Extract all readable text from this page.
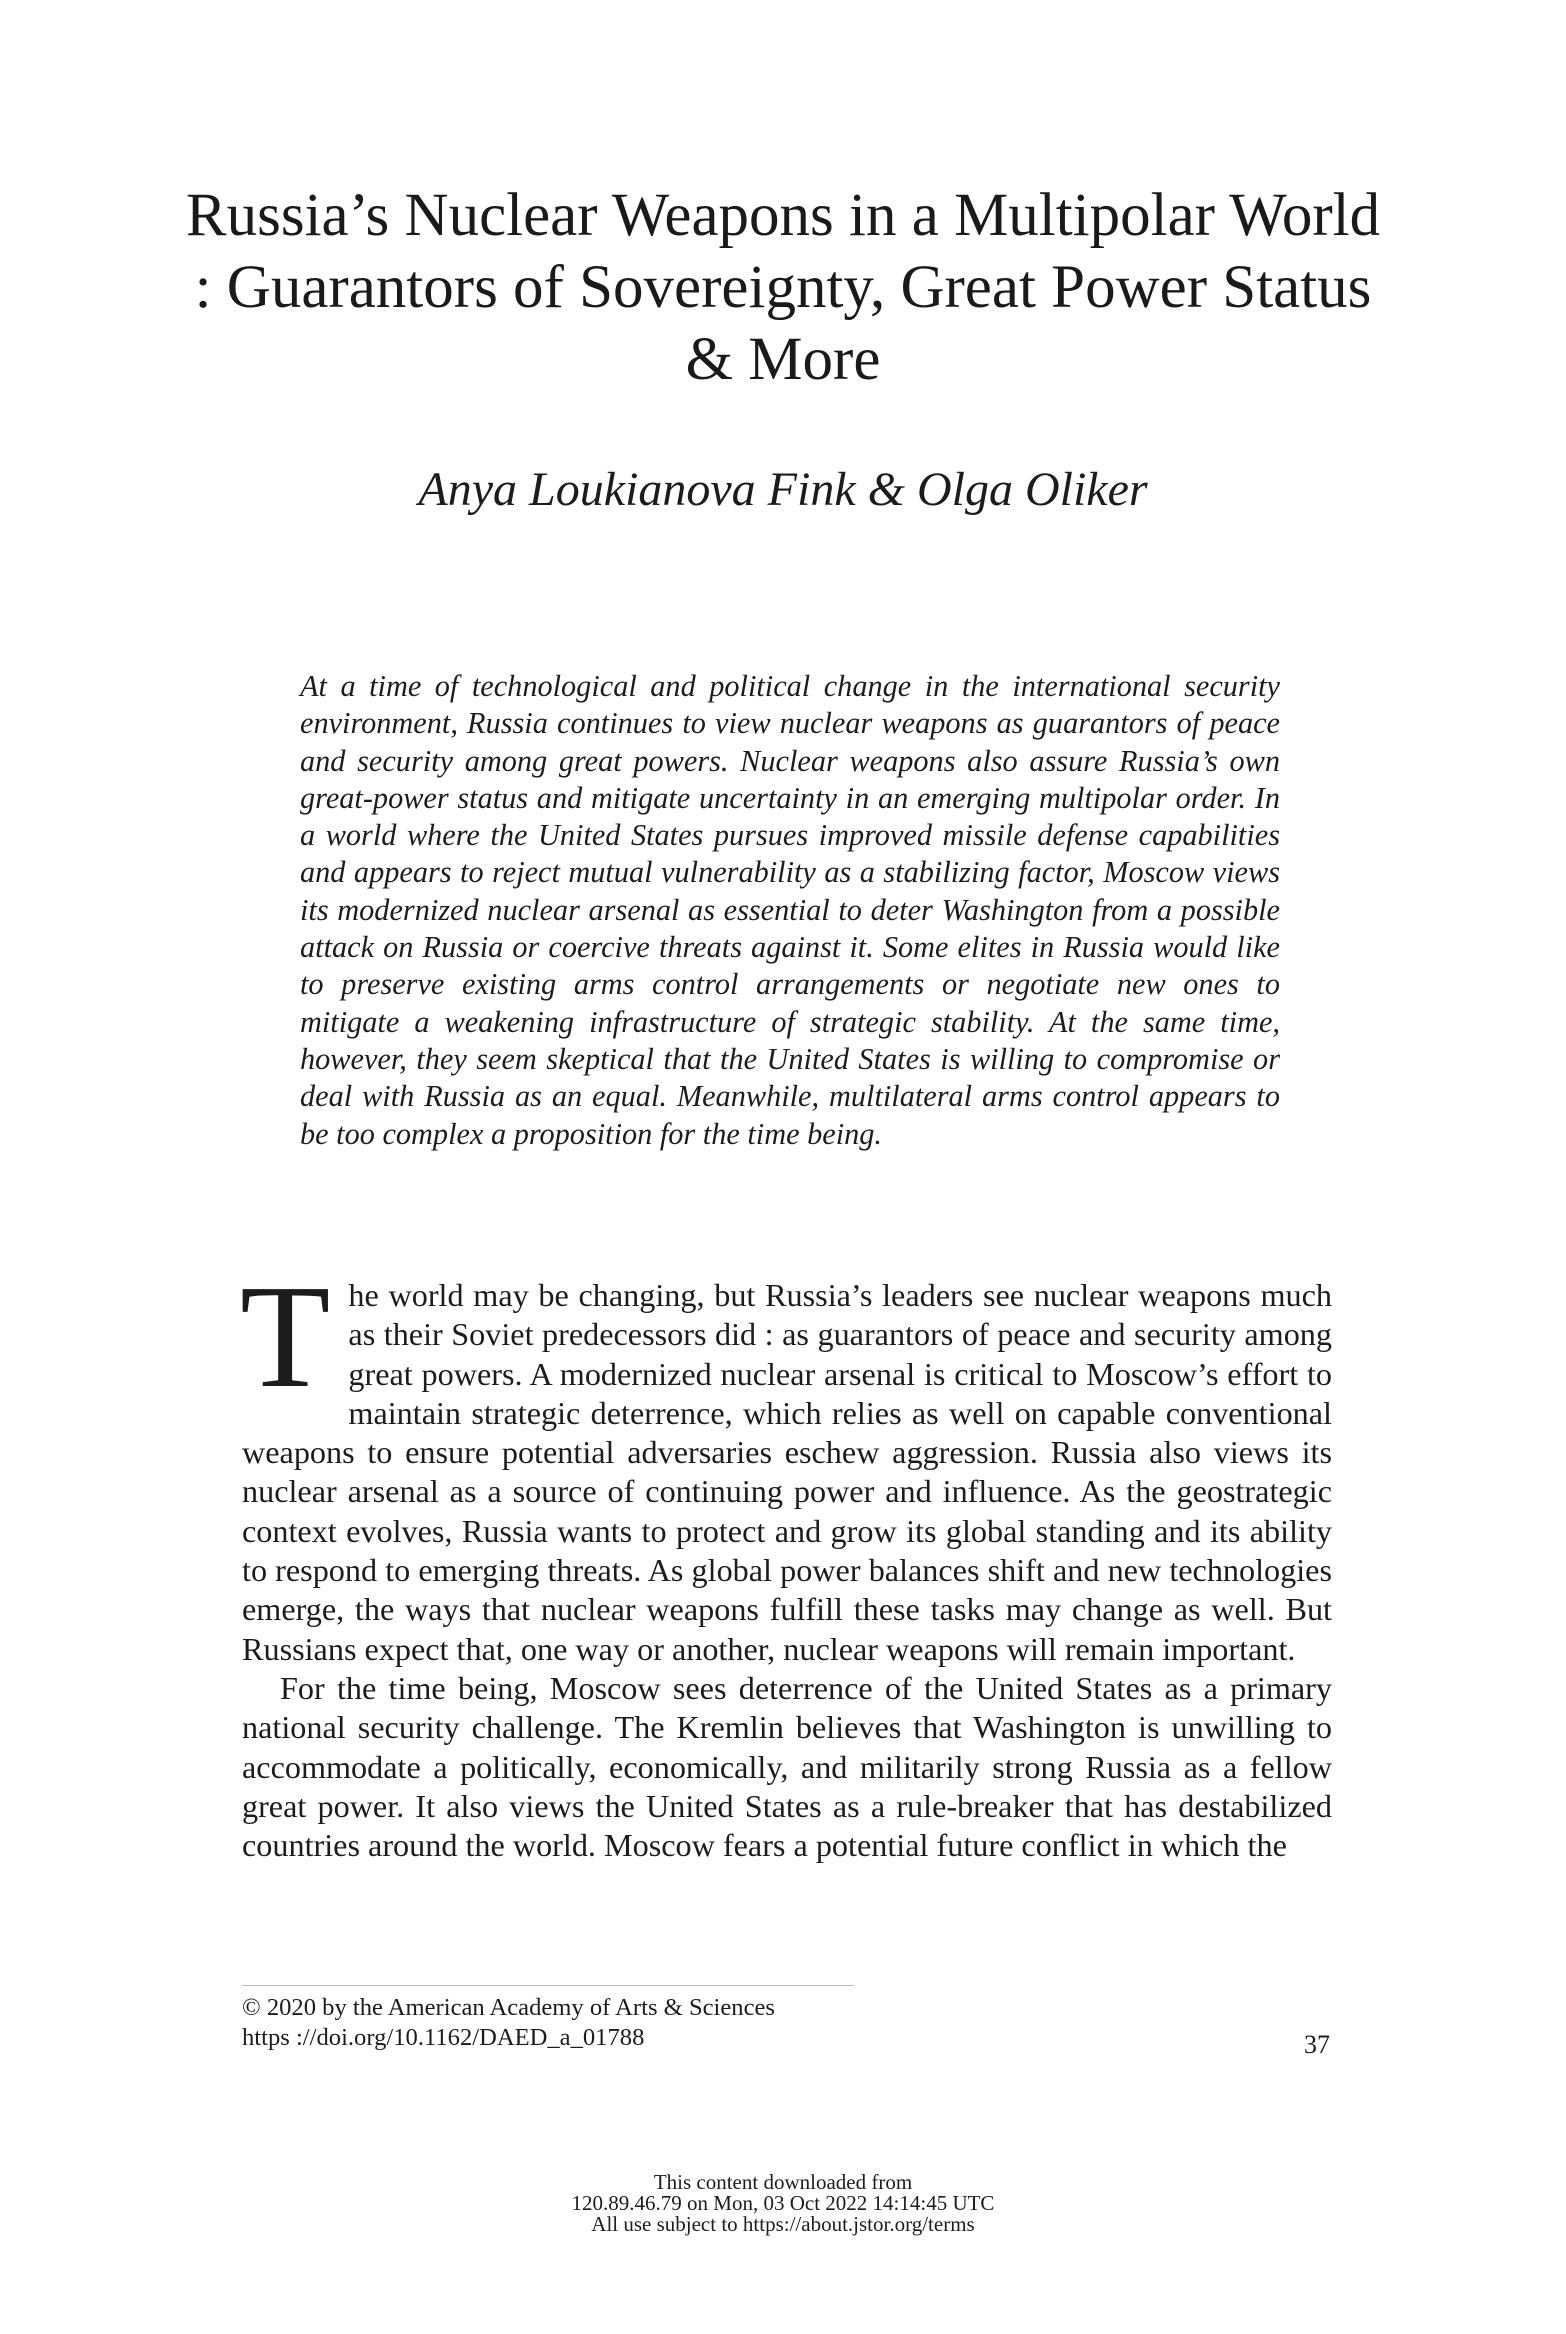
Russia’s Nuclear Weapons in a Multipolar World : Guarantors of Sovereignty, Great Power Status & More

Anya Loukianova Fink & Olga Oliker

At a time of technological and political change in the international security environment, Russia continues to view nuclear weapons as guarantors of peace and security among great powers. Nuclear weapons also assure Russia’s own great-power status and mitigate uncertainty in an emerging multipolar order. In a world where the United States pursues improved missile defense capabilities and appears to reject mutual vulnerability as a stabilizing factor, Moscow views its modernized nuclear arsenal as essential to deter Washington from a possible attack on Russia or coercive threats against it. Some elites in Russia would like to preserve existing arms control arrangements or negotiate new ones to mitigate a weakening infrastructure of strategic stability. At the same time, however, they seem skeptical that the United States is willing to compromise or deal with Russia as an equal. Meanwhile, multilateral arms control appears to be too complex a proposition for the time being.

The world may be changing, but Russia’s leaders see nuclear weapons much as their Soviet predecessors did : as guarantors of peace and security among great powers. A modernized nuclear arsenal is critical to Moscow’s effort to maintain strategic deterrence, which relies as well on capable conventional weapons to ensure potential adversaries eschew aggression. Russia also views its nuclear arsenal as a source of continuing power and influence. As the geostrategic context evolves, Russia wants to protect and grow its global standing and its ability to respond to emerging threats. As global power balances shift and new technologies emerge, the ways that nuclear weapons fulfill these tasks may change as well. But Russians expect that, one way or another, nuclear weapons will remain important.

For the time being, Moscow sees deterrence of the United States as a primary national security challenge. The Kremlin believes that Washington is unwilling to accommodate a politically, economically, and militarily strong Russia as a fellow great power. It also views the United States as a rule-breaker that has destabilized countries around the world. Moscow fears a potential future conflict in which the

© 2020 by the American Academy of Arts & Sciences
https ://doi.org/10.1162/DAED_a_01788	37
This content downloaded from
120.89.46.79 on Mon, 03 Oct 2022 14:14:45 UTC
All use subject to https://about.jstor.org/terms
